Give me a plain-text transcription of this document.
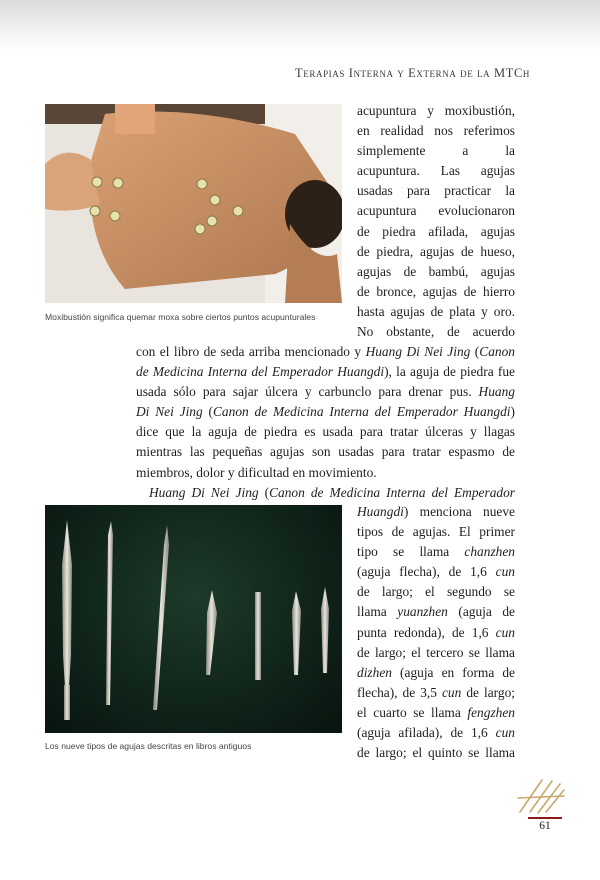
Terapias Interna y Externa de la MTCh
Moxibustión significa quemar moxa sobre ciertos puntos acupunturales
acupuntura y moxibustión,
en realidad nos referimos
simplemente a la
acupuntura. Las agujas
usadas para practicar la
acupuntura evolucionaron
de piedra afilada, agujas
de piedra, agujas de hueso,
agujas de bambú, agujas
de bronce, agujas de hierro
hasta agujas de plata y oro.
No obstante, de acuerdo
con el libro de seda arriba mencionado y Huang Di Nei Jing (Canon
de Medicina Interna del Emperador Huangdi), la aguja de piedra fue
usada sólo para sajar úlcera y carbunclo para drenar pus. Huang
Di Nei Jing (Canon de Medicina Interna del Emperador Huangdi)
dice que la aguja de piedra es usada para tratar úlceras y llagas
mientras las pequeñas agujas son usadas para tratar espasmo de
miembros, dolor y dificultad en movimiento.
Huang Di Nei Jing (Canon de Medicina Interna del Emperador
Los nueve tipos de agujas descritas en libros antiguos
Huangdi) menciona nueve
tipos de agujas. El primer
tipo se llama chanzhen
(aguja flecha), de 1,6 cun
de largo; el segundo se
llama yuanzhen (aguja de
punta redonda), de 1,6 cun
de largo; el tercero se llama
dizhen (aguja en forma de
flecha), de 3,5 cun de largo;
el cuarto se llama fengzhen
(aguja afilada), de 1,6 cun
de largo; el quinto se llama
61
